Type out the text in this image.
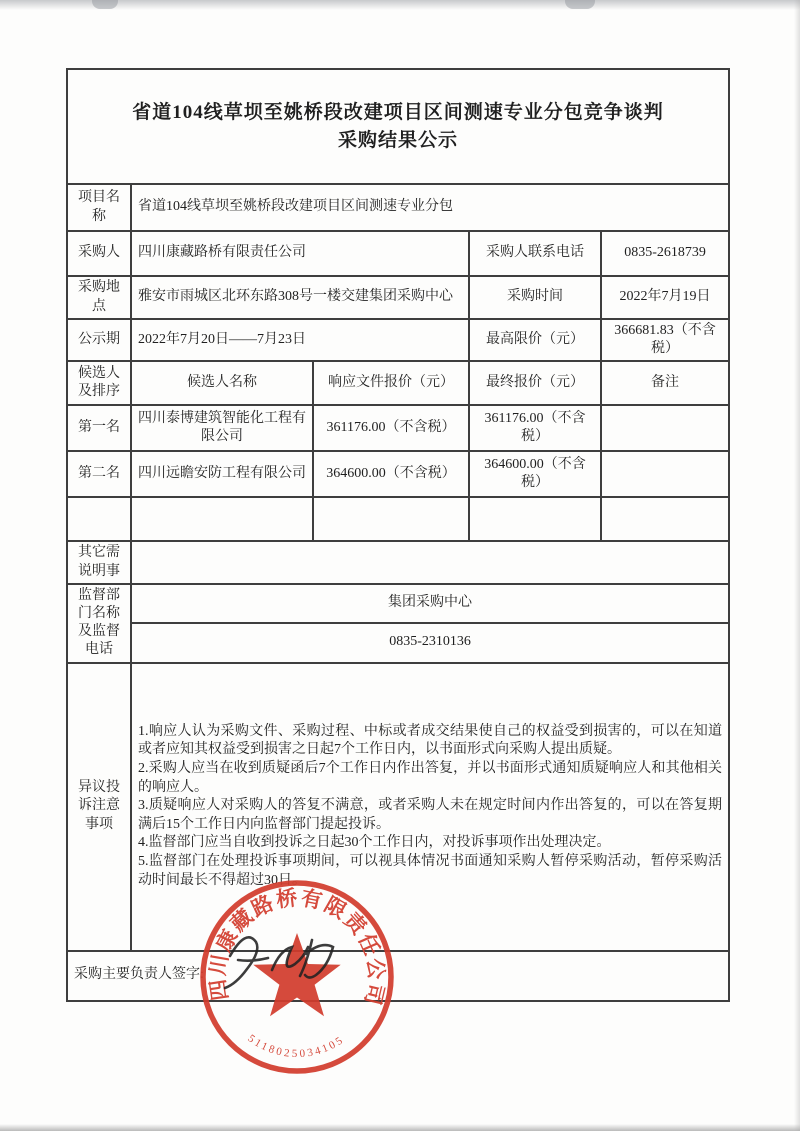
省道104线草坝至姚桥段改建项目区间测速专业分包竞争谈判
采购结果公示				

项目名称	省道104线草坝至姚桥段改建项目区间测速专业分包			
采购人	四川康藏路桥有限责任公司		采购人联系电话	0835-2618739
采购地点	雅安市雨城区北环东路308号一楼交建集团采购中心		采购时间	2022年7月19日
公示期	2022年7月20日——7月23日		最高限价（元）	366681.83（不含税）
候选人及排序	候选人名称	响应文件报价（元）	最终报价（元）	备注
第一名	四川泰博建筑智能化工程有限公司	361176.00（不含税）	361176.00（不含税）	
第二名	四川远瞻安防工程有限公司	364600.00（不含税）	364600.00（不含税）	

其它需说明事				
监督部门名称及监督电话	集团采购中心			
	0835-2310136			
异议投诉注意事项	1.响应人认为采购文件、采购过程、中标或者成交结果使自己的权益受到损害的，可以在知道或者应知其权益受到损害之日起7个工作日内，以书面形式向采购人提出质疑。
2.采购人应当在收到质疑函后7个工作日内作出答复，并以书面形式通知质疑响应人和其他相关的响应人。
3.质疑响应人对采购人的答复不满意，或者采购人未在规定时间内作出答复的，可以在答复期满后15个工作日内向监督部门提起投诉。
4.监督部门应当自收到投诉之日起30个工作日内，对投诉事项作出处理决定。
5.监督部门在处理投诉事项期间，可以视具体情况书面通知采购人暂停采购活动，暂停采购活动时间最长不得超过30日。			

采购主要负责人签字:				
四川康藏路桥有限责任公司
5118025034105
